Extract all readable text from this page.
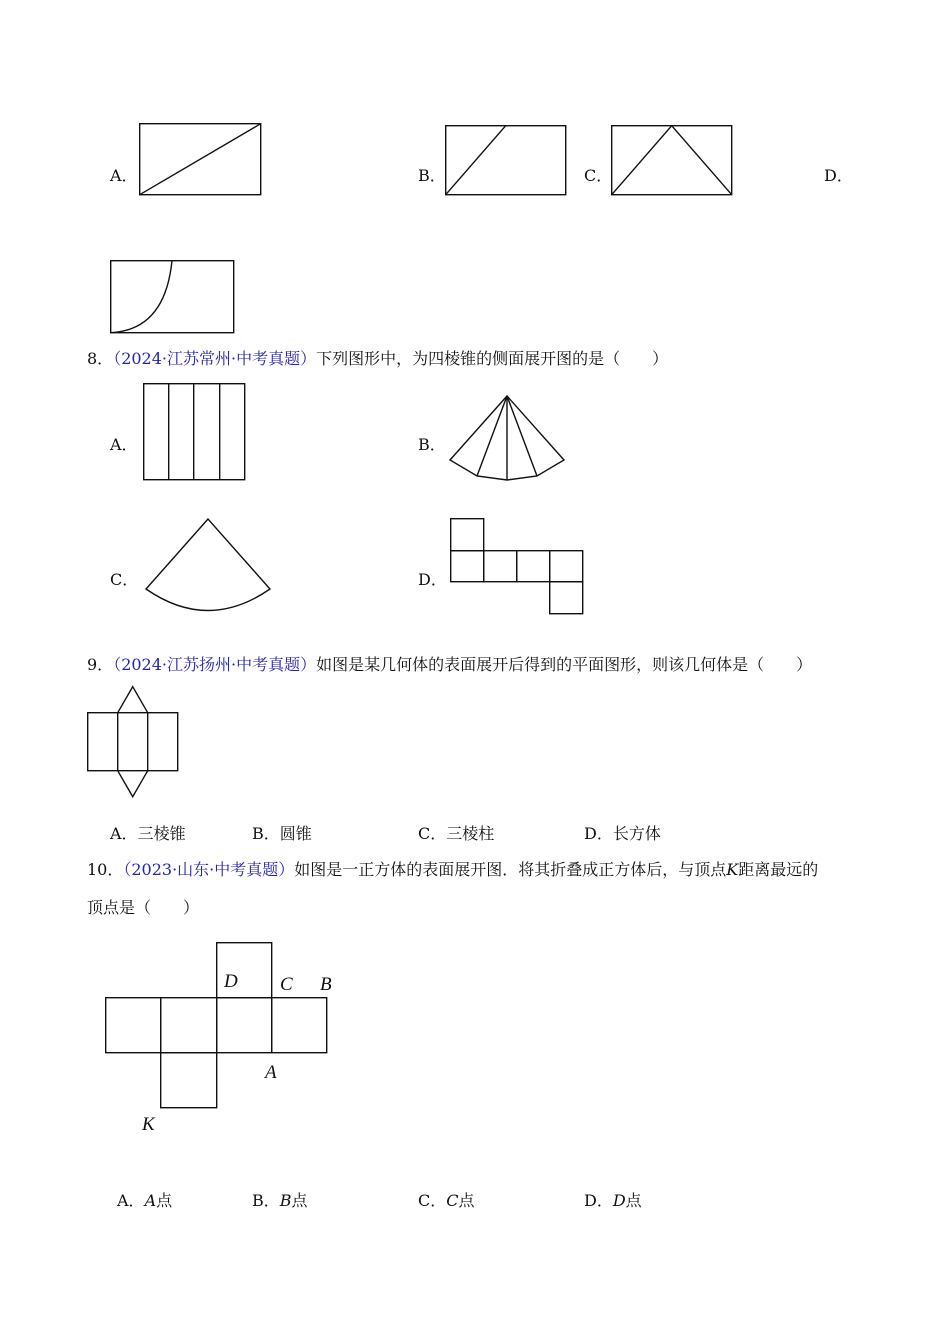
A．	B．	C．	D．
8．（2024·江苏常州·中考真题）下列图形中，为四棱锥的侧面展开图的是（　　）
A．	B．
C．	D．
9．（2024·江苏扬州·中考真题）如图是某几何体的表面展开后得到的平面图形，则该几何体是（　　）
A．三棱锥	B．圆锥	C．三棱柱	D．长方体
10．（2023·山东·中考真题）如图是一正方体的表面展开图．将其折叠成正方体后，与顶点K距离最远的
顶点是（　　）
D C B
A
K
A．A点	B．B点	C．C点	D．D点
